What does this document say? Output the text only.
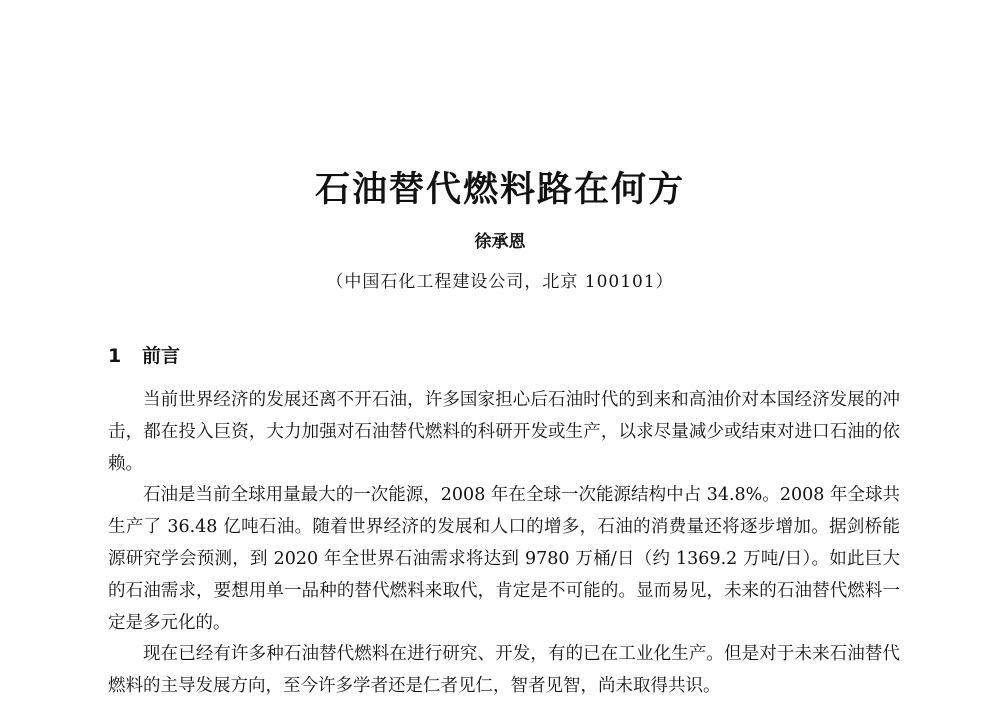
石油替代燃料路在何方
徐承恩
（中国石化工程建设公司，北京 100101）
1 前言

当前世界经济的发展还离不开石油，许多国家担心后石油时代的到来和高油价对本国经济发展的冲击，都在投入巨资，大力加强对石油替代燃料的科研开发或生产，以求尽量减少或结束对进口石油的依赖。

石油是当前全球用量最大的一次能源，2008 年在全球一次能源结构中占 34.8%。2008 年全球共生产了 36.48 亿吨石油。随着世界经济的发展和人口的增多，石油的消费量还将逐步增加。据剑桥能源研究学会预测，到 2020 年全世界石油需求将达到 9780 万桶/日（约 1369.2 万吨/日）。如此巨大的石油需求，要想用单一品种的替代燃料来取代，肯定是不可能的。显而易见，未来的石油替代燃料一定是多元化的。

现在已经有许多种石油替代燃料在进行研究、开发，有的已在工业化生产。但是对于未来石油替代燃料的主导发展方向，至今许多学者还是仁者见仁，智者见智，尚未取得共识。
